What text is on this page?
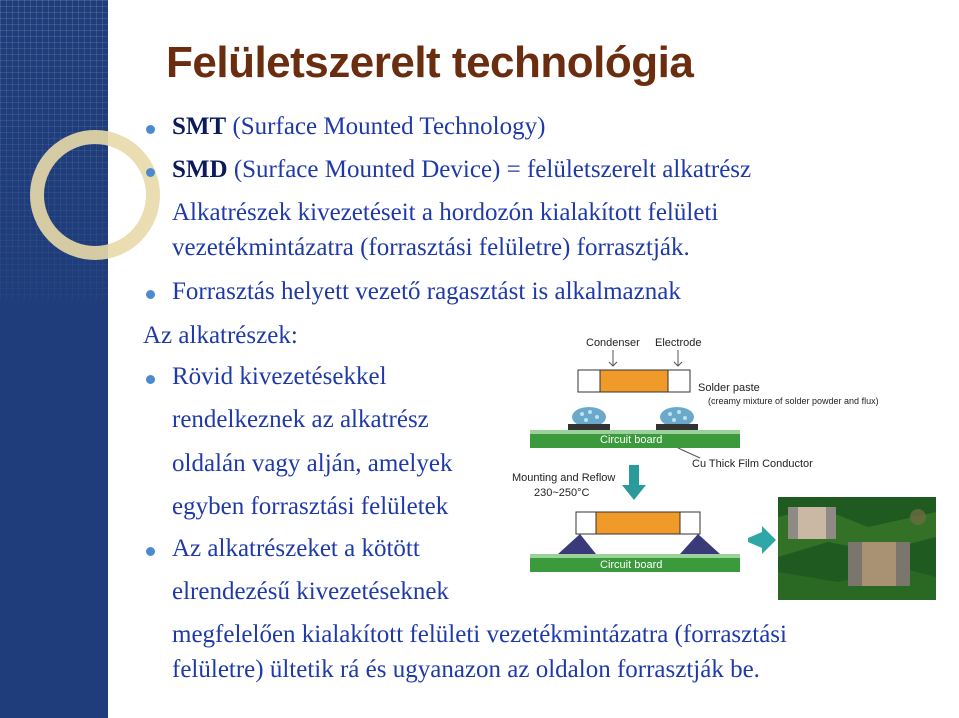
Felületszerelt technológia
SMT (Surface Mounted Technology)
SMD (Surface Mounted Device) = felületszerelt alkatrész
Alkatrészek kivezetéseit a hordozón kialakított felületi
vezetékmintázatra (forrasztási felületre) forrasztják.
Forrasztás helyett vezető ragasztást is alkalmaznak
Az alkatrészek:
Rövid kivezetésekkel
rendelkeznek az alkatrész
oldalán vagy alján, amelyek
egyben forrasztási felületek
Az alkatrészeket a kötött
elrendezésű kivezetéseknek
megfelelően kialakított felületi vezetékmintázatra (forrasztási
felületre) ültetik rá és ugyanazon az oldalon forrasztják be.
Condenser Electrode
Solder paste
(creamy mixture of solder powder and flux)
Circuit board
Cu Thick Film Conductor
Mounting and Reflow
230~250°C
Circuit board
